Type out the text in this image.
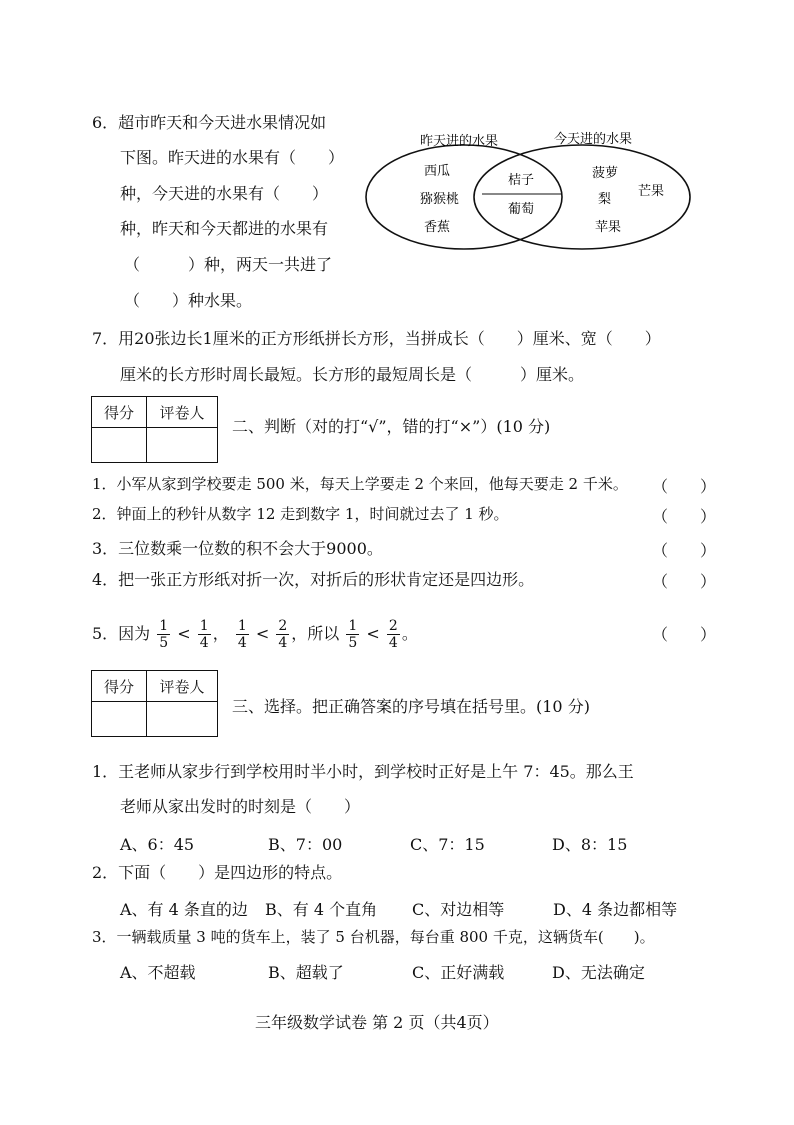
6．超市昨天和今天进水果情况如
下图。昨天进的水果有（　　）
种，今天进的水果有（　　）
种，昨天和今天都进的水果有
（　　　）种，两天一共进了
（　　）种水果。
昨天进的水果	今天进的水果
西瓜
猕猴桃
香蕉
桔子
葡萄
菠萝
梨
苹果
芒果
7．用20张边长1厘米的正方形纸拼长方形，当拼成长（　　）厘米、宽（　　）
厘米的长方形时周长最短。长方形的最短周长是（　　　）厘米。
得分	评卷人

二、判断（对的打“√”，错的打“×”）(10 分)
1．小军从家到学校要走 500 米，每天上学要走 2 个来回，他每天要走 2 千米。 （　　）
2．钟面上的秒针从数字 12 走到数字 1，时间就过去了 1 秒。	（　　）
3．三位数乘一位数的积不会大于9000。	（　　）
4．把一张正方形纸对折一次，对折后的形状肯定还是四边形。	（　　）
5．因为 $\frac{1}{5} < \frac{1}{4}$ ， $\frac{1}{4} < \frac{2}{4}$ ，所以 $\frac{1}{5} < \frac{2}{4}$ 。	（　　）
得分	评卷人

三、选择。把正确答案的序号填在括号里。(10 分)
1．王老师从家步行到学校用时半小时，到学校时正好是上午 7：45。那么王
老师从家出发时的时刻是（　　）
A、6：45	B、7：00	C、7：15	D、8：15
2．下面（　　）是四边形的特点。
A、有 4 条直的边 B、有 4 个直角 C、对边相等	D、4 条边都相等
3．一辆载质量 3 吨的货车上，装了 5 台机器，每台重 800 千克，这辆货车(　　)。
A、不超载	B、超载了	C、正好满载	D、无法确定
三年级数学试卷 第 2 页（共4页）
